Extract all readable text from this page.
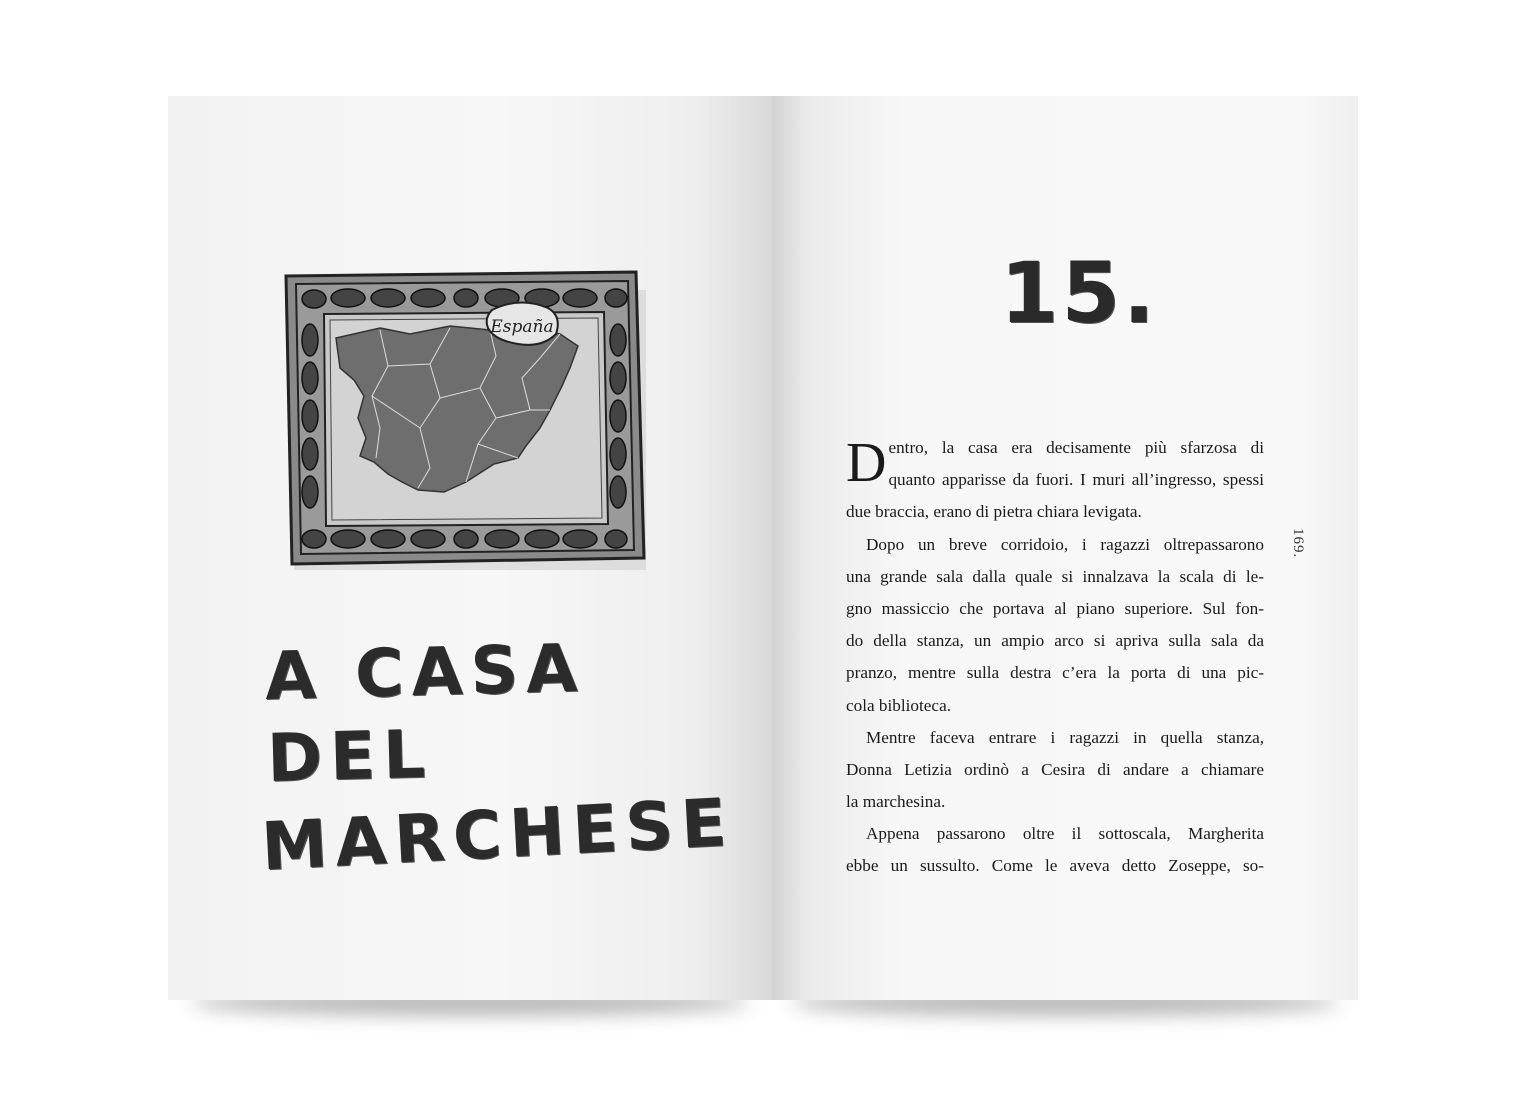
España
A CASA DEL
MARCHESE
15.
D entro, la casa era decisamente più sfarzosa di
quanto apparisse da fuori. I muri all’ingresso, spessi
due braccia, erano di pietra chiara levigata.
Dopo un breve corridoio, i ragazzi oltrepassarono
una grande sala dalla quale si innalzava la scala di le-
gno massiccio che portava al piano superiore. Sul fon-
do della stanza, un ampio arco si apriva sulla sala da
pranzo, mentre sulla destra c’era la porta di una pic-
cola biblioteca.
Mentre faceva entrare i ragazzi in quella stanza,
Donna Letizia ordinò a Cesira di andare a chiamare
la marchesina.
Appena passarono oltre il sottoscala, Margherita
ebbe un sussulto. Come le aveva detto Zoseppe, so-
169.
